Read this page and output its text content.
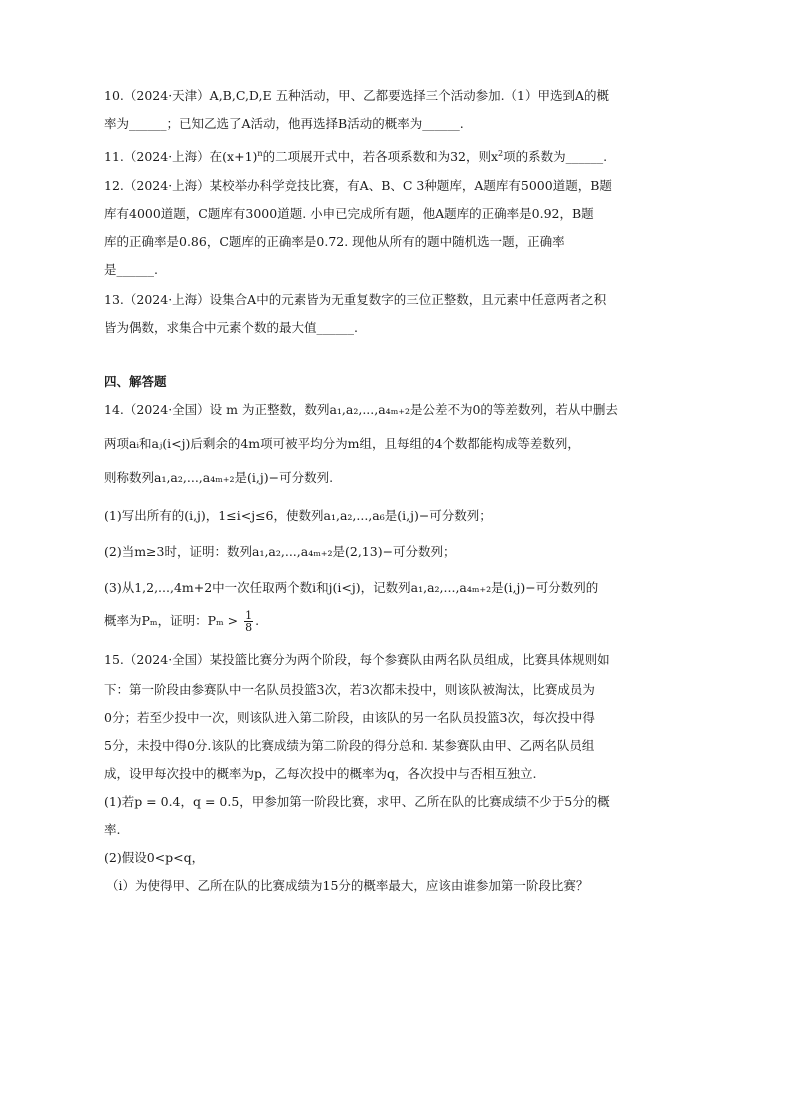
10.（2024·天津）A,B,C,D,E 五种活动，甲、乙都要选择三个活动参加.（1）甲选到A的概
率为______；已知乙选了A活动，他再选择B活动的概率为______.
11.（2024·上海）在$(x+1)^n$的二项展开式中，若各项系数和为32，则$x^2$项的系数为______.
12.（2024·上海）某校举办科学竞技比赛，有A、B、C 3种题库，A题库有5000道题，B题
库有4000道题，C题库有3000道题. 小申已完成所有题，他A题库的正确率是0.92，B题
库的正确率是0.86，C题库的正确率是0.72. 现他从所有的题中随机选一题，正确率
是______.
13.（2024·上海）设集合A中的元素皆为无重复数字的三位正整数，且元素中任意两者之积
皆为偶数，求集合中元素个数的最大值______.
四、解答题
14.（2024·全国）设 m 为正整数，数列a₁,a₂,...,a₄ₘ₊₂是公差不为0的等差数列，若从中删去
两项aᵢ和aⱼ(i<j)后剩余的4m项可被平均分为m组，且每组的4个数都能构成等差数列，
则称数列a₁,a₂,...,a₄ₘ₊₂是(i,j)−可分数列.
(1)写出所有的(i,j)，1≤i<j≤6，使数列a₁,a₂,...,a₆是(i,j)−可分数列；
(2)当m≥3时，证明：数列a₁,a₂,...,a₄ₘ₊₂是(2,13)−可分数列；
(3)从1,2,...,4m+2中一次任取两个数i和j(i<j)，记数列a₁,a₂,...,a₄ₘ₊₂是(i,j)−可分数列的
概率为Pₘ，证明：$P_m > \frac{1}{8}$ .
15.（2024·全国）某投篮比赛分为两个阶段，每个参赛队由两名队员组成，比赛具体规则如
下：第一阶段由参赛队中一名队员投篮3次，若3次都未投中，则该队被淘汰，比赛成员为
0分；若至少投中一次，则该队进入第二阶段，由该队的另一名队员投篮3次，每次投中得
5分，未投中得0分.该队的比赛成绩为第二阶段的得分总和. 某参赛队由甲、乙两名队员组
成，设甲每次投中的概率为p，乙每次投中的概率为q，各次投中与否相互独立.
(1)若p = 0.4，q = 0.5，甲参加第一阶段比赛，求甲、乙所在队的比赛成绩不少于5分的概
率.
(2)假设0<p<q，
（i）为使得甲、乙所在队的比赛成绩为15分的概率最大，应该由谁参加第一阶段比赛？
